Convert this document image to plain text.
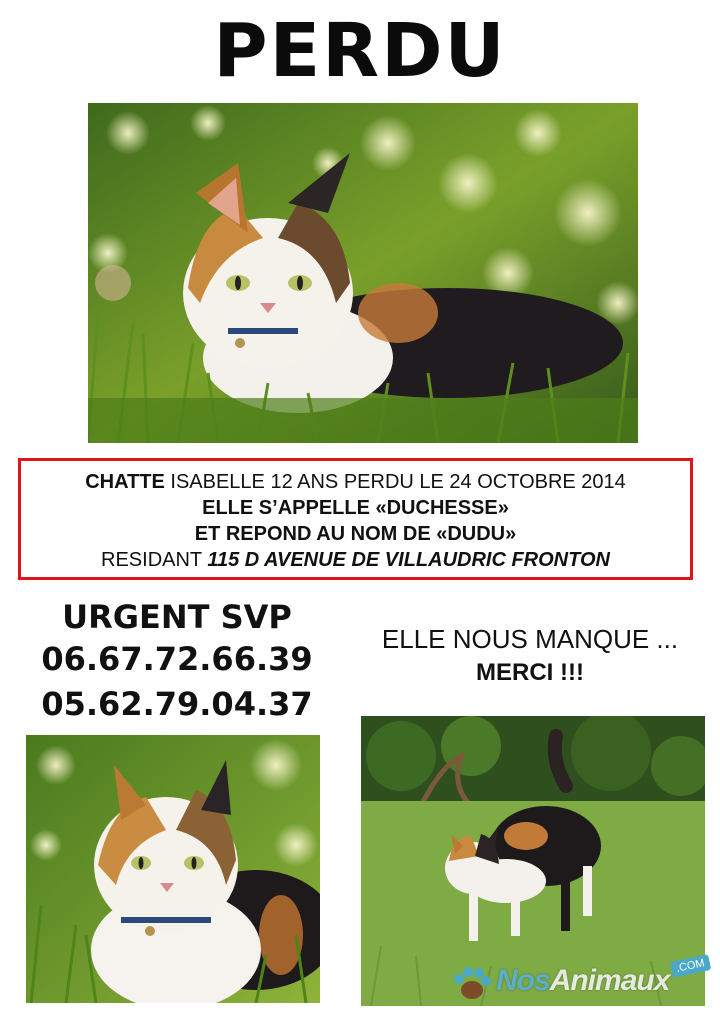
PERDU
CHATTE ISABELLE 12 ANS PERDU LE 24 OCTOBRE 2014
ELLE S’APPELLE «DUCHESSE»
ET REPOND AU NOM DE «DUDU»
RESIDANT 115 D AVENUE DE VILLAUDRIC FRONTON
URGENT SVP
06.67.72.66.39
05.62.79.04.37
ELLE NOUS MANQUE ...
MERCI !!!
NosAnimaux .COM
